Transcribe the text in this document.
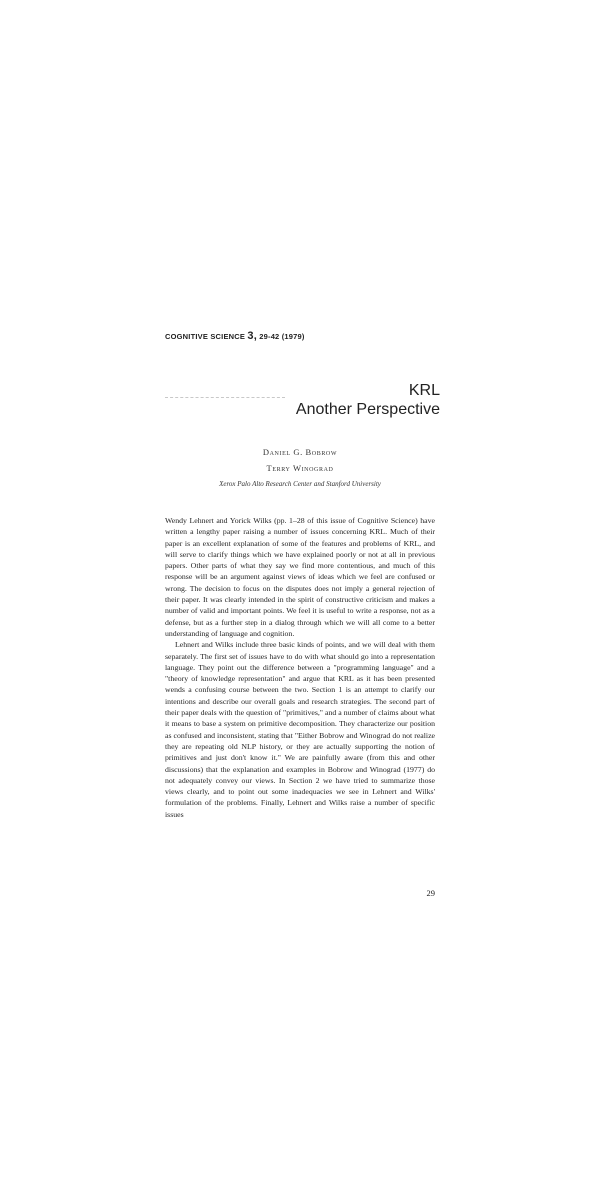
COGNITIVE SCIENCE 3, 29-42 (1979)
KRL
Another Perspective
Daniel G. Bobrow
Terry Winograd
Xerox Palo Alto Research Center and Stanford University

Wendy Lehnert and Yorick Wilks (pp. 1–28 of this issue of Cognitive Science) have written a lengthy paper raising a number of issues concerning KRL. Much of their paper is an excellent explanation of some of the features and problems of KRL, and will serve to clarify things which we have explained poorly or not at all in previous papers. Other parts of what they say we find more contentious, and much of this response will be an argument against views of ideas which we feel are confused or wrong. The decision to focus on the disputes does not imply a general rejection of their paper. It was clearly intended in the spirit of constructive criticism and makes a number of valid and important points. We feel it is useful to write a response, not as a defense, but as a further step in a dialog through which we will all come to a better understanding of language and cognition.

Lehnert and Wilks include three basic kinds of points, and we will deal with them separately. The first set of issues have to do with what should go into a representation language. They point out the difference between a "programming language" and a "theory of knowledge representation" and argue that KRL as it has been presented wends a confusing course between the two. Section 1 is an attempt to clarify our intentions and describe our overall goals and research strategies. The second part of their paper deals with the question of "primitives," and a number of claims about what it means to base a system on primitive decomposition. They characterize our position as confused and inconsistent, stating that "Either Bobrow and Winograd do not realize they are repeating old NLP history, or they are actually supporting the notion of primitives and just don't know it." We are painfully aware (from this and other discussions) that the explanation and examples in Bobrow and Winograd (1977) do not adequately convey our views. In Section 2 we have tried to summarize those views clearly, and to point out some inadequacies we see in Lehnert and Wilks' formulation of the problems. Finally, Lehnert and Wilks raise a number of specific issues

29
